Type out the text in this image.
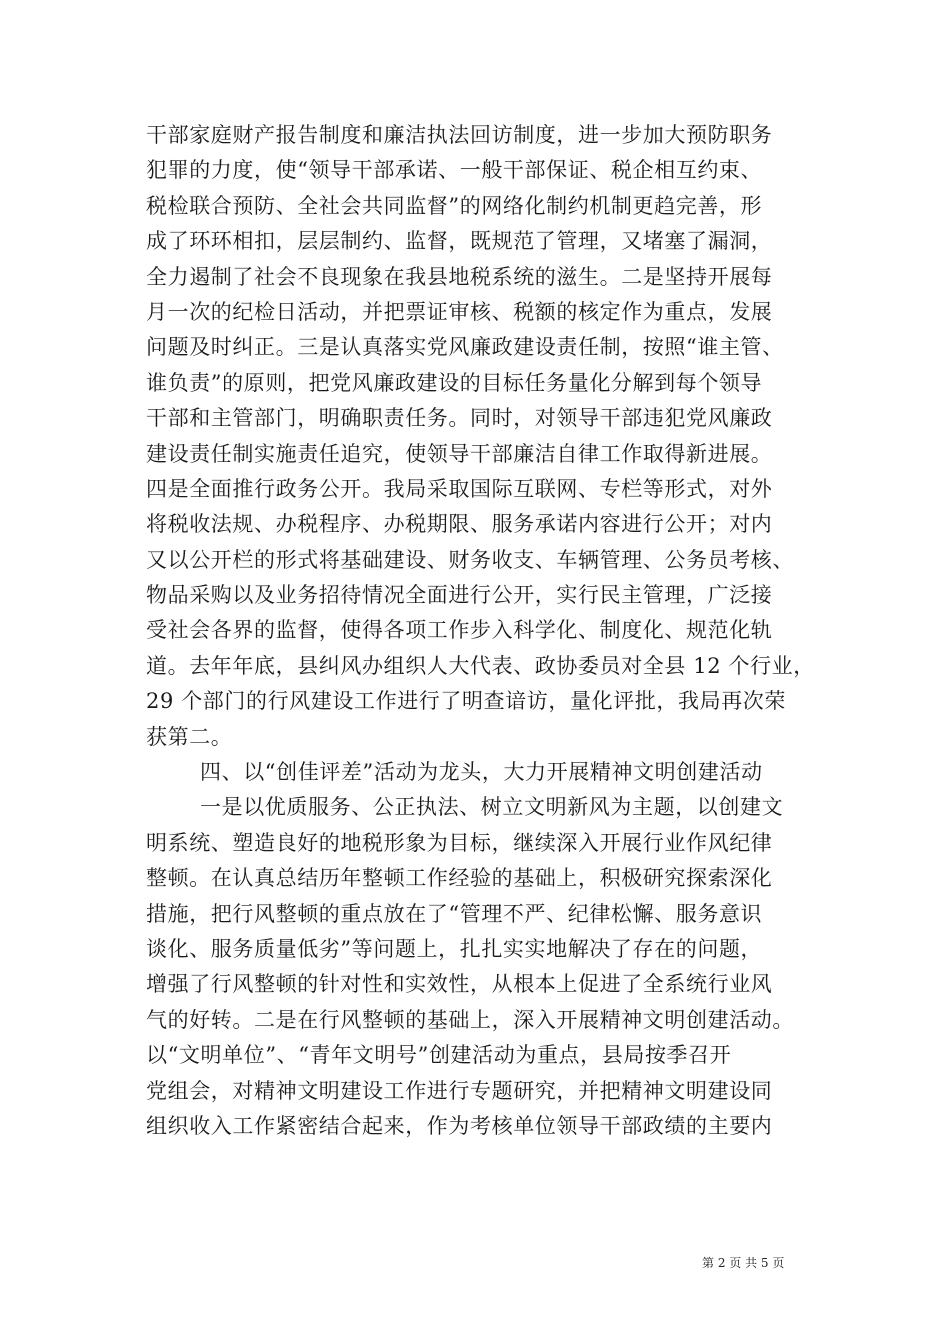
干部家庭财产报告制度和廉洁执法回访制度，进一步加大预防职务
犯罪的力度，使“领导干部承诺、一般干部保证、税企相互约束、
税检联合预防、全社会共同监督”的网络化制约机制更趋完善，形
成了环环相扣，层层制约、监督，既规范了管理，又堵塞了漏洞，
全力遏制了社会不良现象在我县地税系统的滋生。二是坚持开展每
月一次的纪检日活动，并把票证审核、税额的核定作为重点，发展
问题及时纠正。三是认真落实党风廉政建设责任制，按照“谁主管、
谁负责”的原则，把党风廉政建设的目标任务量化分解到每个领导
干部和主管部门，明确职责任务。同时，对领导干部违犯党风廉政
建设责任制实施责任追究，使领导干部廉洁自律工作取得新进展。
四是全面推行政务公开。我局采取国际互联网、专栏等形式，对外
将税收法规、办税程序、办税期限、服务承诺内容进行公开；对内
又以公开栏的形式将基础建设、财务收支、车辆管理、公务员考核、
物品采购以及业务招待情况全面进行公开，实行民主管理，广泛接
受社会各界的监督，使得各项工作步入科学化、制度化、规范化轨
道。去年年底，县纠风办组织人大代表、政协委员对全县 12 个行业，
29 个部门的行风建设工作进行了明查谙访，量化评批，我局再次荣
获第二。
四、以“创佳评差”活动为龙头，大力开展精神文明创建活动
一是以优质服务、公正执法、树立文明新风为主题，以创建文
明系统、塑造良好的地税形象为目标，继续深入开展行业作风纪律
整顿。在认真总结历年整顿工作经验的基础上，积极研究探索深化
措施，把行风整顿的重点放在了“管理不严、纪律松懈、服务意识
谈化、服务质量低劣”等问题上，扎扎实实地解决了存在的问题，
增强了行风整顿的针对性和实效性，从根本上促进了全系统行业风
气的好转。二是在行风整顿的基础上，深入开展精神文明创建活动。
以“文明单位”、“青年文明号”创建活动为重点，县局按季召开
党组会，对精神文明建设工作进行专题研究，并把精神文明建设同
组织收入工作紧密结合起来，作为考核单位领导干部政绩的主要内
第 2 页 共 5 页
